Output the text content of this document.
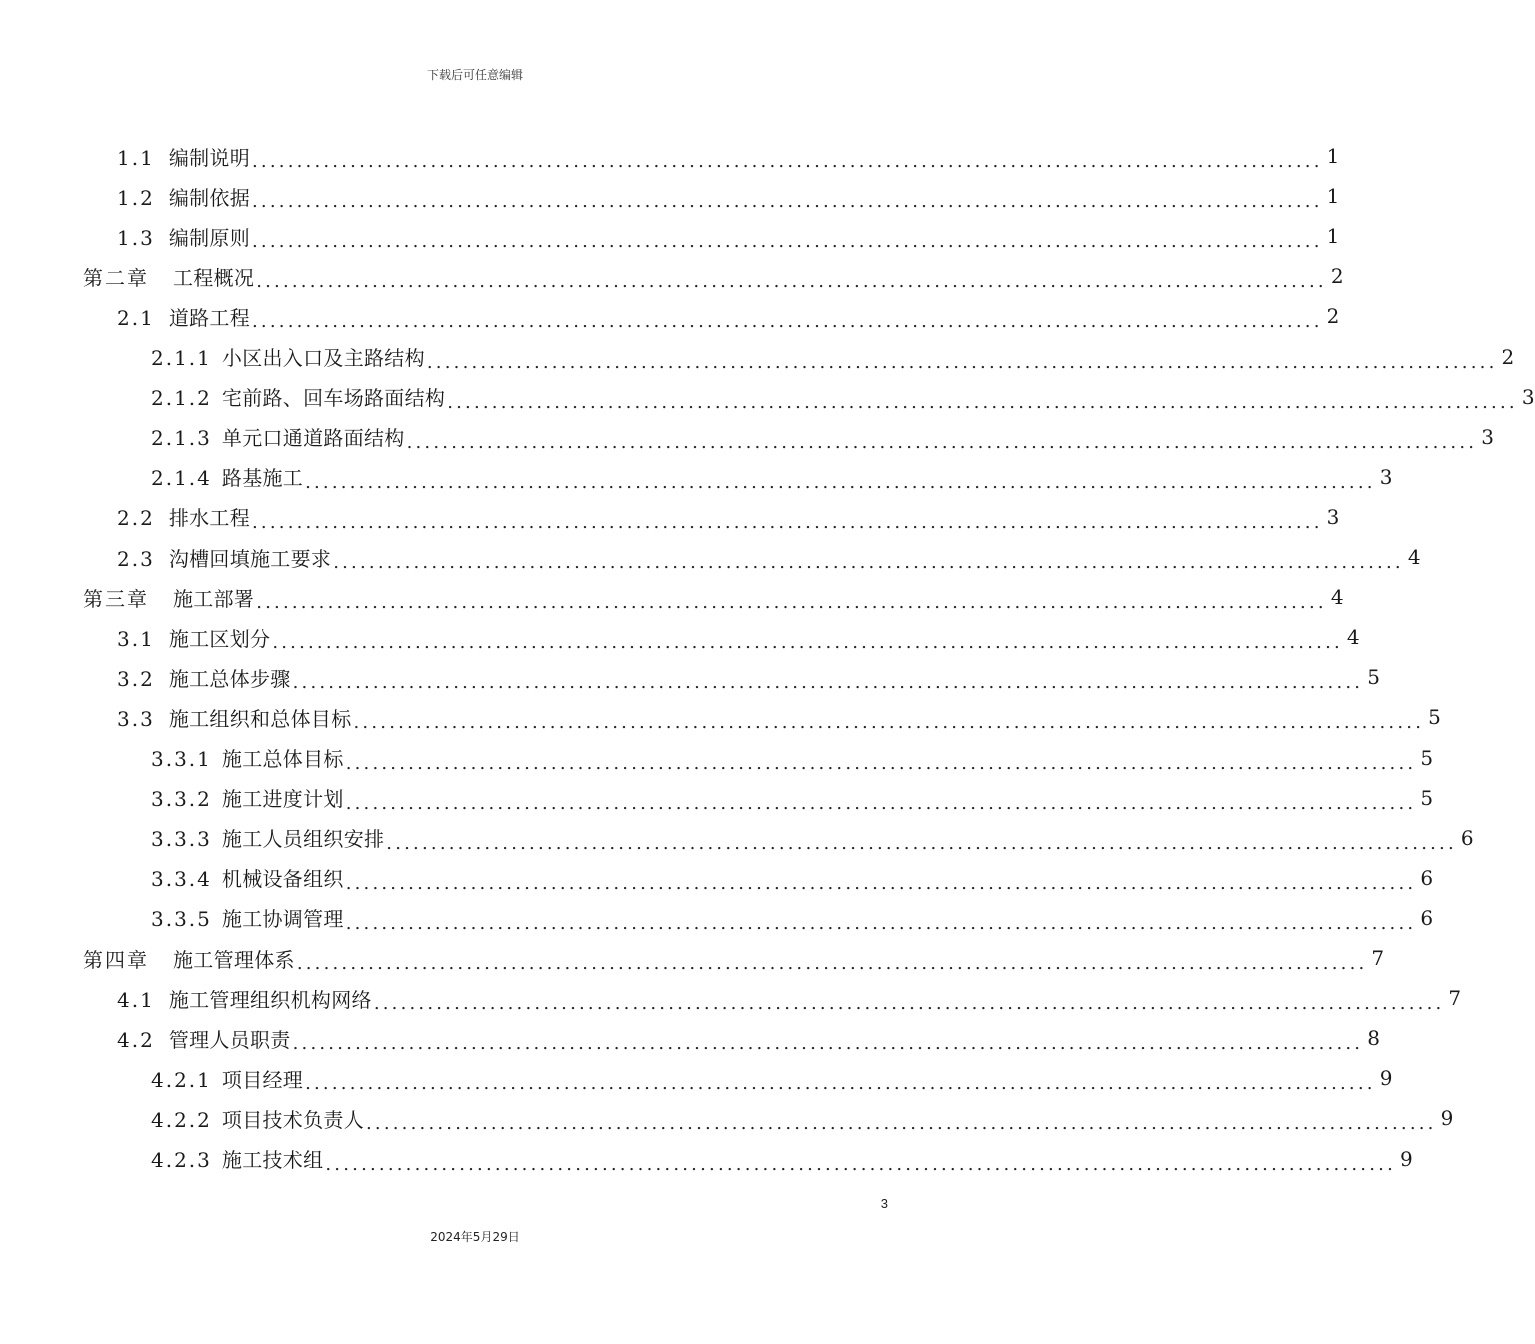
下载后可任意编辑
1.1 编制说明 ........................................................................................................................ 1
1.2 编制依据 ........................................................................................................................ 1
1.3 编制原则 ........................................................................................................................ 1
第二章 工程概况 ........................................................................................................................ 2
2.1 道路工程 ........................................................................................................................ 2
2.1.1 小区出入口及主路结构 ........................................................................................................................ 2
2.1.2 宅前路、回车场路面结构 ........................................................................................................................ 3
2.1.3 单元口通道路面结构 ........................................................................................................................ 3
2.1.4 路基施工 ........................................................................................................................ 3
2.2 排水工程 ........................................................................................................................ 3
2.3 沟槽回填施工要求 ........................................................................................................................ 4
第三章 施工部署 ........................................................................................................................ 4
3.1 施工区划分 ........................................................................................................................ 4
3.2 施工总体步骤 ........................................................................................................................ 5
3.3 施工组织和总体目标 ........................................................................................................................ 5
3.3.1 施工总体目标 ........................................................................................................................ 5
3.3.2 施工进度计划 ........................................................................................................................ 5
3.3.3 施工人员组织安排 ........................................................................................................................ 6
3.3.4 机械设备组织 ........................................................................................................................ 6
3.3.5 施工协调管理 ........................................................................................................................ 6
第四章 施工管理体系 ........................................................................................................................ 7
4.1 施工管理组织机构网络 ........................................................................................................................ 7
4.2 管理人员职责 ........................................................................................................................ 8
4.2.1 项目经理 ........................................................................................................................ 9
4.2.2 项目技术负责人 ........................................................................................................................ 9
4.2.3 施工技术组 ........................................................................................................................ 9
3
2024年5月29日
